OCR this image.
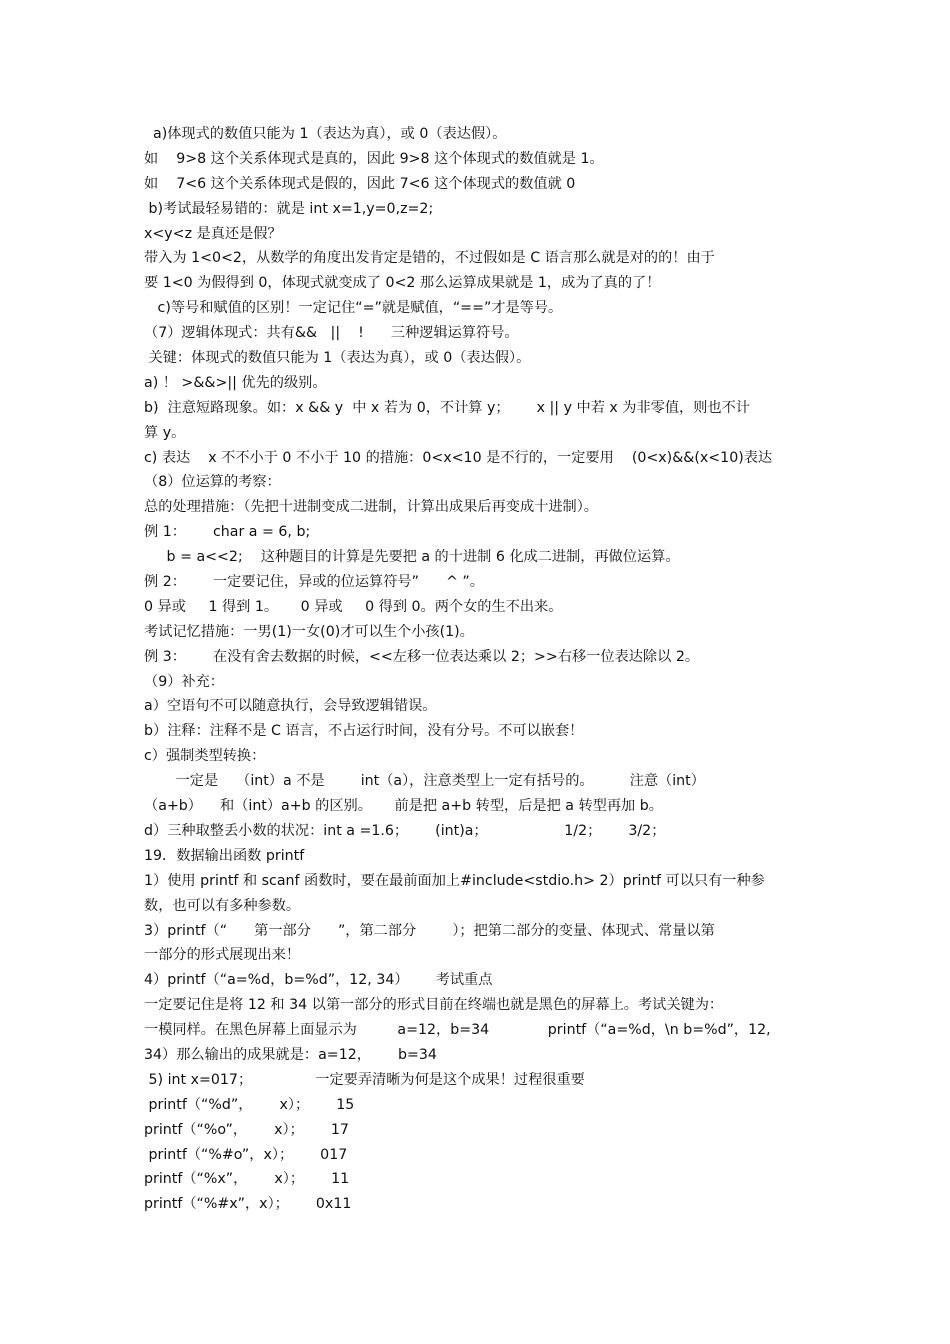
a)体现式的数值只能为 1（表达为真），或 0（表达假）。
如    9>8 这个关系体现式是真的，因此 9>8 这个体现式的数值就是 1。
如    7<6 这个关系体现式是假的，因此 7<6 这个体现式的数值就 0
b)考试最轻易错的：就是 int x=1,y=0,z=2;
x<y<z 是真还是假？
带入为 1<0<2，从数学的角度出发肯定是错的，不过假如是 C 语言那么就是对的的！由于
要 1<0 为假得到 0，体现式就变成了 0<2 那么运算成果就是 1，成为了真的了！
c)等号和赋值的区别！一定记住“=”就是赋值，“==”才是等号。
（7）逻辑体现式：共有&&   ||    !      三种逻辑运算符号。
关键：体现式的数值只能为 1（表达为真），或 0（表达假）。
a) ！ >&&>|| 优先的级别。
b)  注意短路现象。如：x && y  中 x 若为 0，不计算 y；      x || y 中若 x 为非零值，则也不计
算 y。
c) 表达    x 不不小于 0 不小于 10 的措施：0<x<10 是不行的，一定要用    (0<x)&&(x<10)表达
（8）位运算的考察：
总的处理措施：（先把十进制变成二进制，计算出成果后再变成十进制）。
例 1：      char a = 6, b;
b = a<<2;    这种题目的计算是先要把 a 的十进制 6 化成二进制，再做位运算。
例 2：      一定要记住，异或的位运算符号”      ^ ”。
0 异或     1 得到 1。     0 异或     0 得到 0。两个女的生不出来。
考试记忆措施：一男(1)一女(0)才可以生个小孩(1)。
例 3：      在没有舍去数据的时候，<<左移一位表达乘以 2；>>右移一位表达除以 2。
（9）补充：
a）空语句不可以随意执行，会导致逻辑错误。
b）注释：注释不是 C 语言，不占运行时间，没有分号。不可以嵌套！
c）强制类型转换：
一定是    （int）a 不是        int（a），注意类型上一定有括号的。        注意（int）
（a+b）    和（int）a+b 的区别。     前是把 a+b 转型，后是把 a 转型再加 b。
d）三种取整丢小数的状况：int a =1.6；      (int)a；                 1/2；      3/2；
19．数据输出函数 printf
1）使用 printf 和 scanf 函数时，要在最前面加上#include<stdio.h> 2）printf 可以只有一种参
数，也可以有多种参数。
3）printf（“      第一部分      ”，第二部分        ）；把第二部分的变量、体现式、常量以第
一部分的形式展现出来！
4）printf（“a=%d，b=%d”，12, 34）      考试重点
一定要记住是将 12 和 34 以第一部分的形式目前在终端也就是黑色的屏幕上。考试关键为：
一模同样。在黑色屏幕上面显示为         a=12，b=34             printf（“a=%d，\n b=%d”，12,
34）那么输出的成果就是：a=12，      b=34
5) int x=017；              一定要弄清晰为何是这个成果！过程很重要
printf（“%d”，      x）；      15
printf（“%o”，      x）；      17
printf（“%#o”，x）；      017
printf（“%x”，      x）；      11
printf（“%#x”，x）；      0x11
